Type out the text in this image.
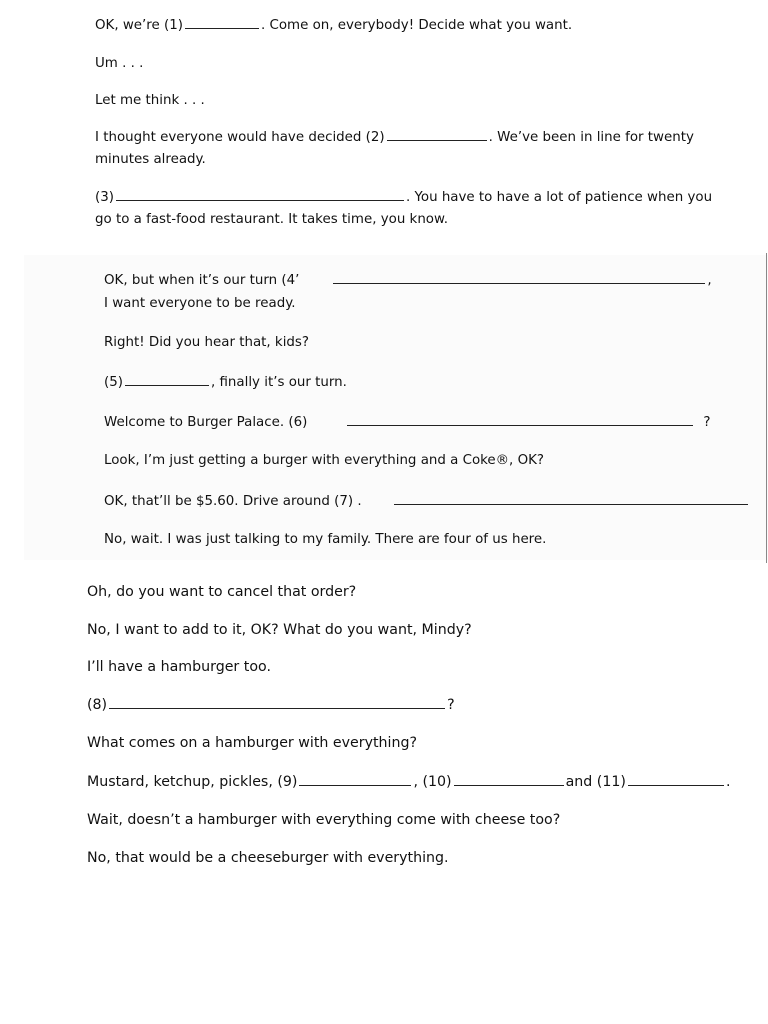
OK, we’re (1)	. Come on, everybody! Decide what you want.
Um . . .
Let me think . . .
I thought everyone would have decided (2)	. We’ve been in line for twenty
minutes already.
(3)	. You have to have a lot of patience when you
go to a fast-food restaurant. It takes time, you know.
OK, but when it’s our turn (4’	,
I want everyone to be ready.
Right! Did you hear that, kids?
(5)	, finally it’s our turn.
Welcome to Burger Palace. (6)	?
Look, I’m just getting a burger with everything and a Coke®, OK?
OK, that’ll be $5.60. Drive around (7) .
No, wait. I was just talking to my family. There are four of us here.
Oh, do you want to cancel that order?
No, I want to add to it, OK? What do you want, Mindy?
I’ll have a hamburger too.
(8)	?
What comes on a hamburger with everything?
Mustard, ketchup, pickles, (9)	, (10)	and (11)	.
Wait, doesn’t a hamburger with everything come with cheese too?
No, that would be a cheeseburger with everything.
